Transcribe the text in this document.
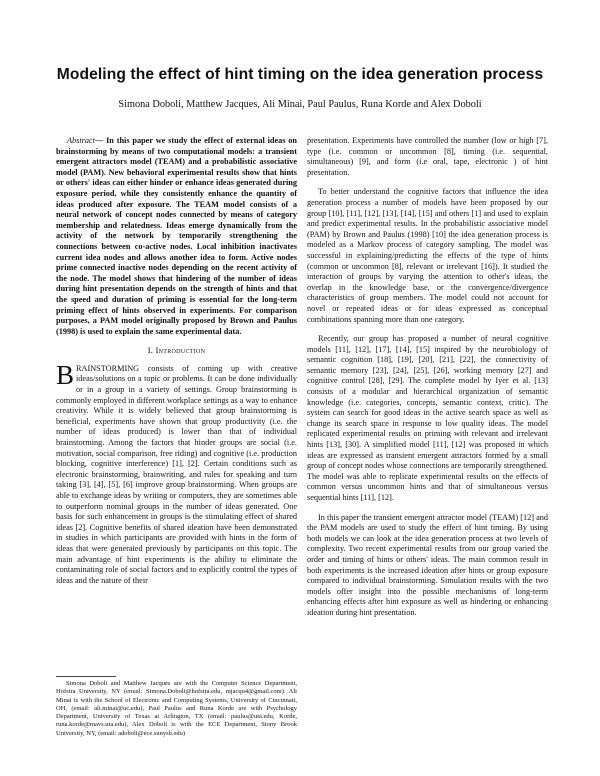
Modeling the effect of hint timing on the idea generation process
Simona Doboli, Matthew Jacques, Ali Minai, Paul Paulus, Runa Korde and Alex Doboli

Abstract— In this paper we study the effect of external ideas on brainstorming by means of two computational models: a transient emergent attractors model (TEAM) and a probabilistic associative model (PAM). New behavioral experimental results show that hints or others' ideas can either hinder or enhance ideas generated during exposure period, while they consistently enhance the quantity of ideas produced after exposure. The TEAM model consists of a neural network of concept nodes connected by means of category membership and relatedness. Ideas emerge dynamically from the activity of the network by temporarily strengthening the connections between co-active nodes. Local inhibition inactivates current idea nodes and allows another idea to form. Active nodes prime connected inactive nodes depending on the recent activity of the node. The model shows that hindering of the number of ideas during hint presentation depends on the strength of hints and that the speed and duration of priming is essential for the long-term priming effect of hints observed in experiments. For comparison purposes, a PAM model originally proposed by Brown and Paulus (1998) is used to explain the same experimental data.

I. Introduction

BRAINSTORMING consists of coming up with creative ideas/solutions on a topic or problems. It can be done individually or in a group in a variety of settings. Group brainstorming is commonly employed in different workplace settings as a way to enhance creativity. While it is widely believed that group brainstorming is beneficial, experiments have shown that group productivity (i.e. the number of ideas produced) is lower than that of individual brainstorming. Among the factors that hinder groups are social (i.e. motivation, social comparison, free riding) and cognitive (i.e. production blocking, cognitive interference) [1], [2]. Certain conditions such as electronic brainstorming, brainwriting, and rules for speaking and turn taking [3], [4], [5], [6] improve group brainstorming. When groups are able to exchange ideas by writing or computers, they are sometimes able to outperform nominal groups in the number of ideas generated. One basis for such enhancement in groups is the stimulating effect of shared ideas [2]. Cognitive benefits of shared ideation have been demonstrated in studies in which participants are provided with hints in the form of ideas that were generated previously by participants on this topic. The main advantage of hint experiments is the ability to eliminate the contaminating role of social factors and to explicitly control the types of ideas and the nature of their

presentation. Experiments have controlled the number (low or high [7], type (i.e. common or uncommon [8], timing (i.e. sequential, simultaneous) [9], and form (i.e oral, tape, electronic ) of hint presentation.

To better understand the cognitive factors that influence the idea generation process a number of models have been proposed by our group [10], [11], [12], [13], [14], [15] and others [1] and used to explain and predict experimental results. In the probabilistic associative model (PAM) by Brown and Paulus (1998) [10] the idea generation process is modeled as a Markov process of category sampling. The model was successful in explaining/predicting the effects of the type of hints (common or uncommon [8], relevant or irrelevant [16]). It studied the interaction of groups by varying the attention to other's ideas, the overlap in the knowledge base, or the convergence/divergence characteristics of group members. The model could not account for novel or repeated ideas or for ideas expressed as conceptual combinations spanning more than one category.

Recently, our group has proposed a number of neural cognitive models [11], [12], [17], [14], [15] inspired by the neurobiology of semantic cognition [18], [19], [20], [21], [22], the connectivity of semantic memory [23], [24], [25], [26], working memory [27] and cognitive control [28], [29]. The complete model by Iyer et al. [13] consists of a modular and hierarchical organization of semantic knowledge (i.e. categories, concepts, semantic context, critic). The system can search for good ideas in the active search space as well as change its search space in response to low quality ideas. The model replicated experimental results on priming with relevant and irrelevant hints [13], [30]. A simplified model [11], [12] was proposed in which ideas are expressed as transient emergent attractors formed by a small group of concept nodes whose connections are temporarily strengthened. The model was able to replicate experimental results on the effects of common versus uncommon hints and that of simultaneous versus sequential hints [11], [12].

In this paper the transient emergent attractor model (TEAM) [12] and the PAM models are used to study the effect of hint timing. By using both models we can look at the idea generation process at two levels of complexity. Two recent experimental results from our group varied the order and timing of hints or others' ideas. The main common result in both experiments is the increased ideation after hints or group exposure compared to individual brainstorming. Simulation results with the two models offer insight into the possible mechanisms of long-term enhancing effects after hint exposure as well as hindering or enhancing ideation during hint presentation.

Simona Doboli and Matthew Jacques are with the Computer Science Department, Hofstra University, NY (email: Simona.Doboli@hofstra.edu, mjacqu4@gmail.com). Ali Minai is with the School of Electronic and Computing Systems, University of Cincinnati, OH, (email: ali.minai@uc.edu), Paul Paulus and Runa Korde are with Psychology Department, University of Texas at Arlington, TX (email: paulus@uta.edu, Korde, runa.korde@mavs.uta.edu), Alex Doboli is with the ECE Department, Stony Brook University, NY, (email: adoboli@ece.sunysb.edu)
